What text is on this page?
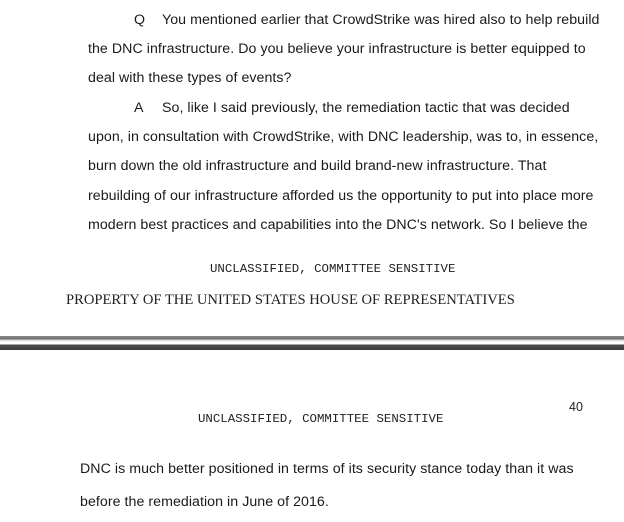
Q You mentioned earlier that CrowdStrike was hired also to help rebuild
the DNC infrastructure. Do you believe your infrastructure is better equipped to
deal with these types of events?
A So, like I said previously, the remediation tactic that was decided
upon, in consultation with CrowdStrike, with DNC leadership, was to, in essence,
burn down the old infrastructure and build brand-new infrastructure. That
rebuilding of our infrastructure afforded us the opportunity to put into place more
modern best practices and capabilities into the DNC's network. So I believe the
UNCLASSIFIED, COMMITTEE SENSITIVE
PROPERTY OF THE UNITED STATES HOUSE OF REPRESENTATIVES
40
UNCLASSIFIED, COMMITTEE SENSITIVE
DNC is much better positioned in terms of its security stance today than it was
before the remediation in June of 2016.
